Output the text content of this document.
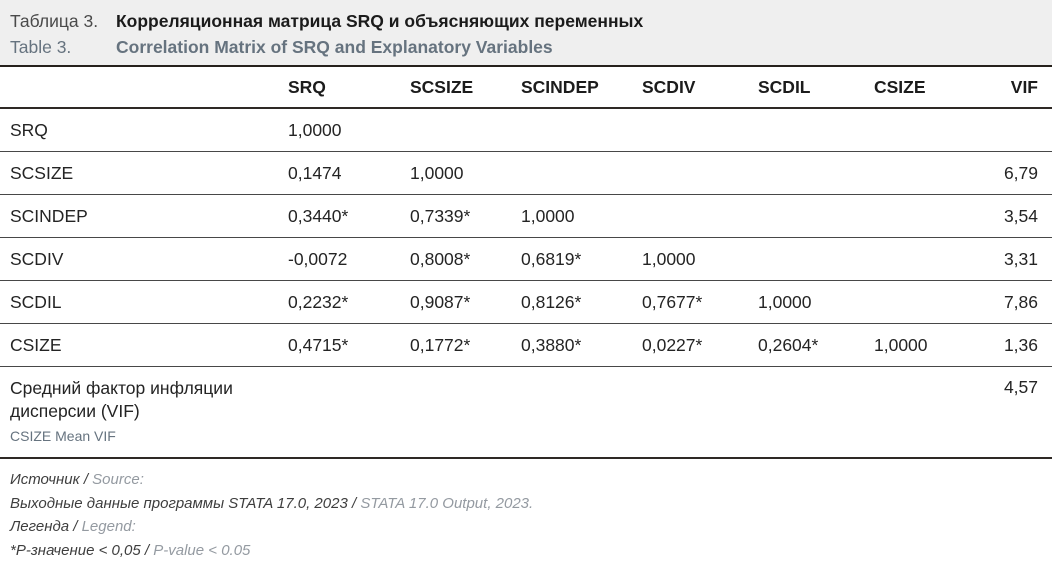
Таблица 3.	Корреляционная матрица SRQ и объясняющих переменных
Table 3.	Correlation Matrix of SRQ and Explanatory Variables
	SRQ	SCSIZE	SCINDEP	SCDIV	SCDIL	CSIZE	VIF
SRQ	1,0000						
SCSIZE	0,1474	1,0000					6,79
SCINDEP	0,3440*	0,7339*	1,0000				3,54
SCDIV	-0,0072	0,8008*	0,6819*	1,0000			3,31
SCDIL	0,2232*	0,9087*	0,8126*	0,7677*	1,0000		7,86
CSIZE	0,4715*	0,1772*	0,3880*	0,0227*	0,2604*	1,0000	1,36

Средний фактор инфляции дисперсии (VIF)
CSIZE Mean VIF							4,57
Источник / Source:
Выходные данные программы STATA 17.0, 2023 / STATA 17.0 Output, 2023.
Легенда / Legend:
*P-значение < 0,05 / P-value < 0.05
